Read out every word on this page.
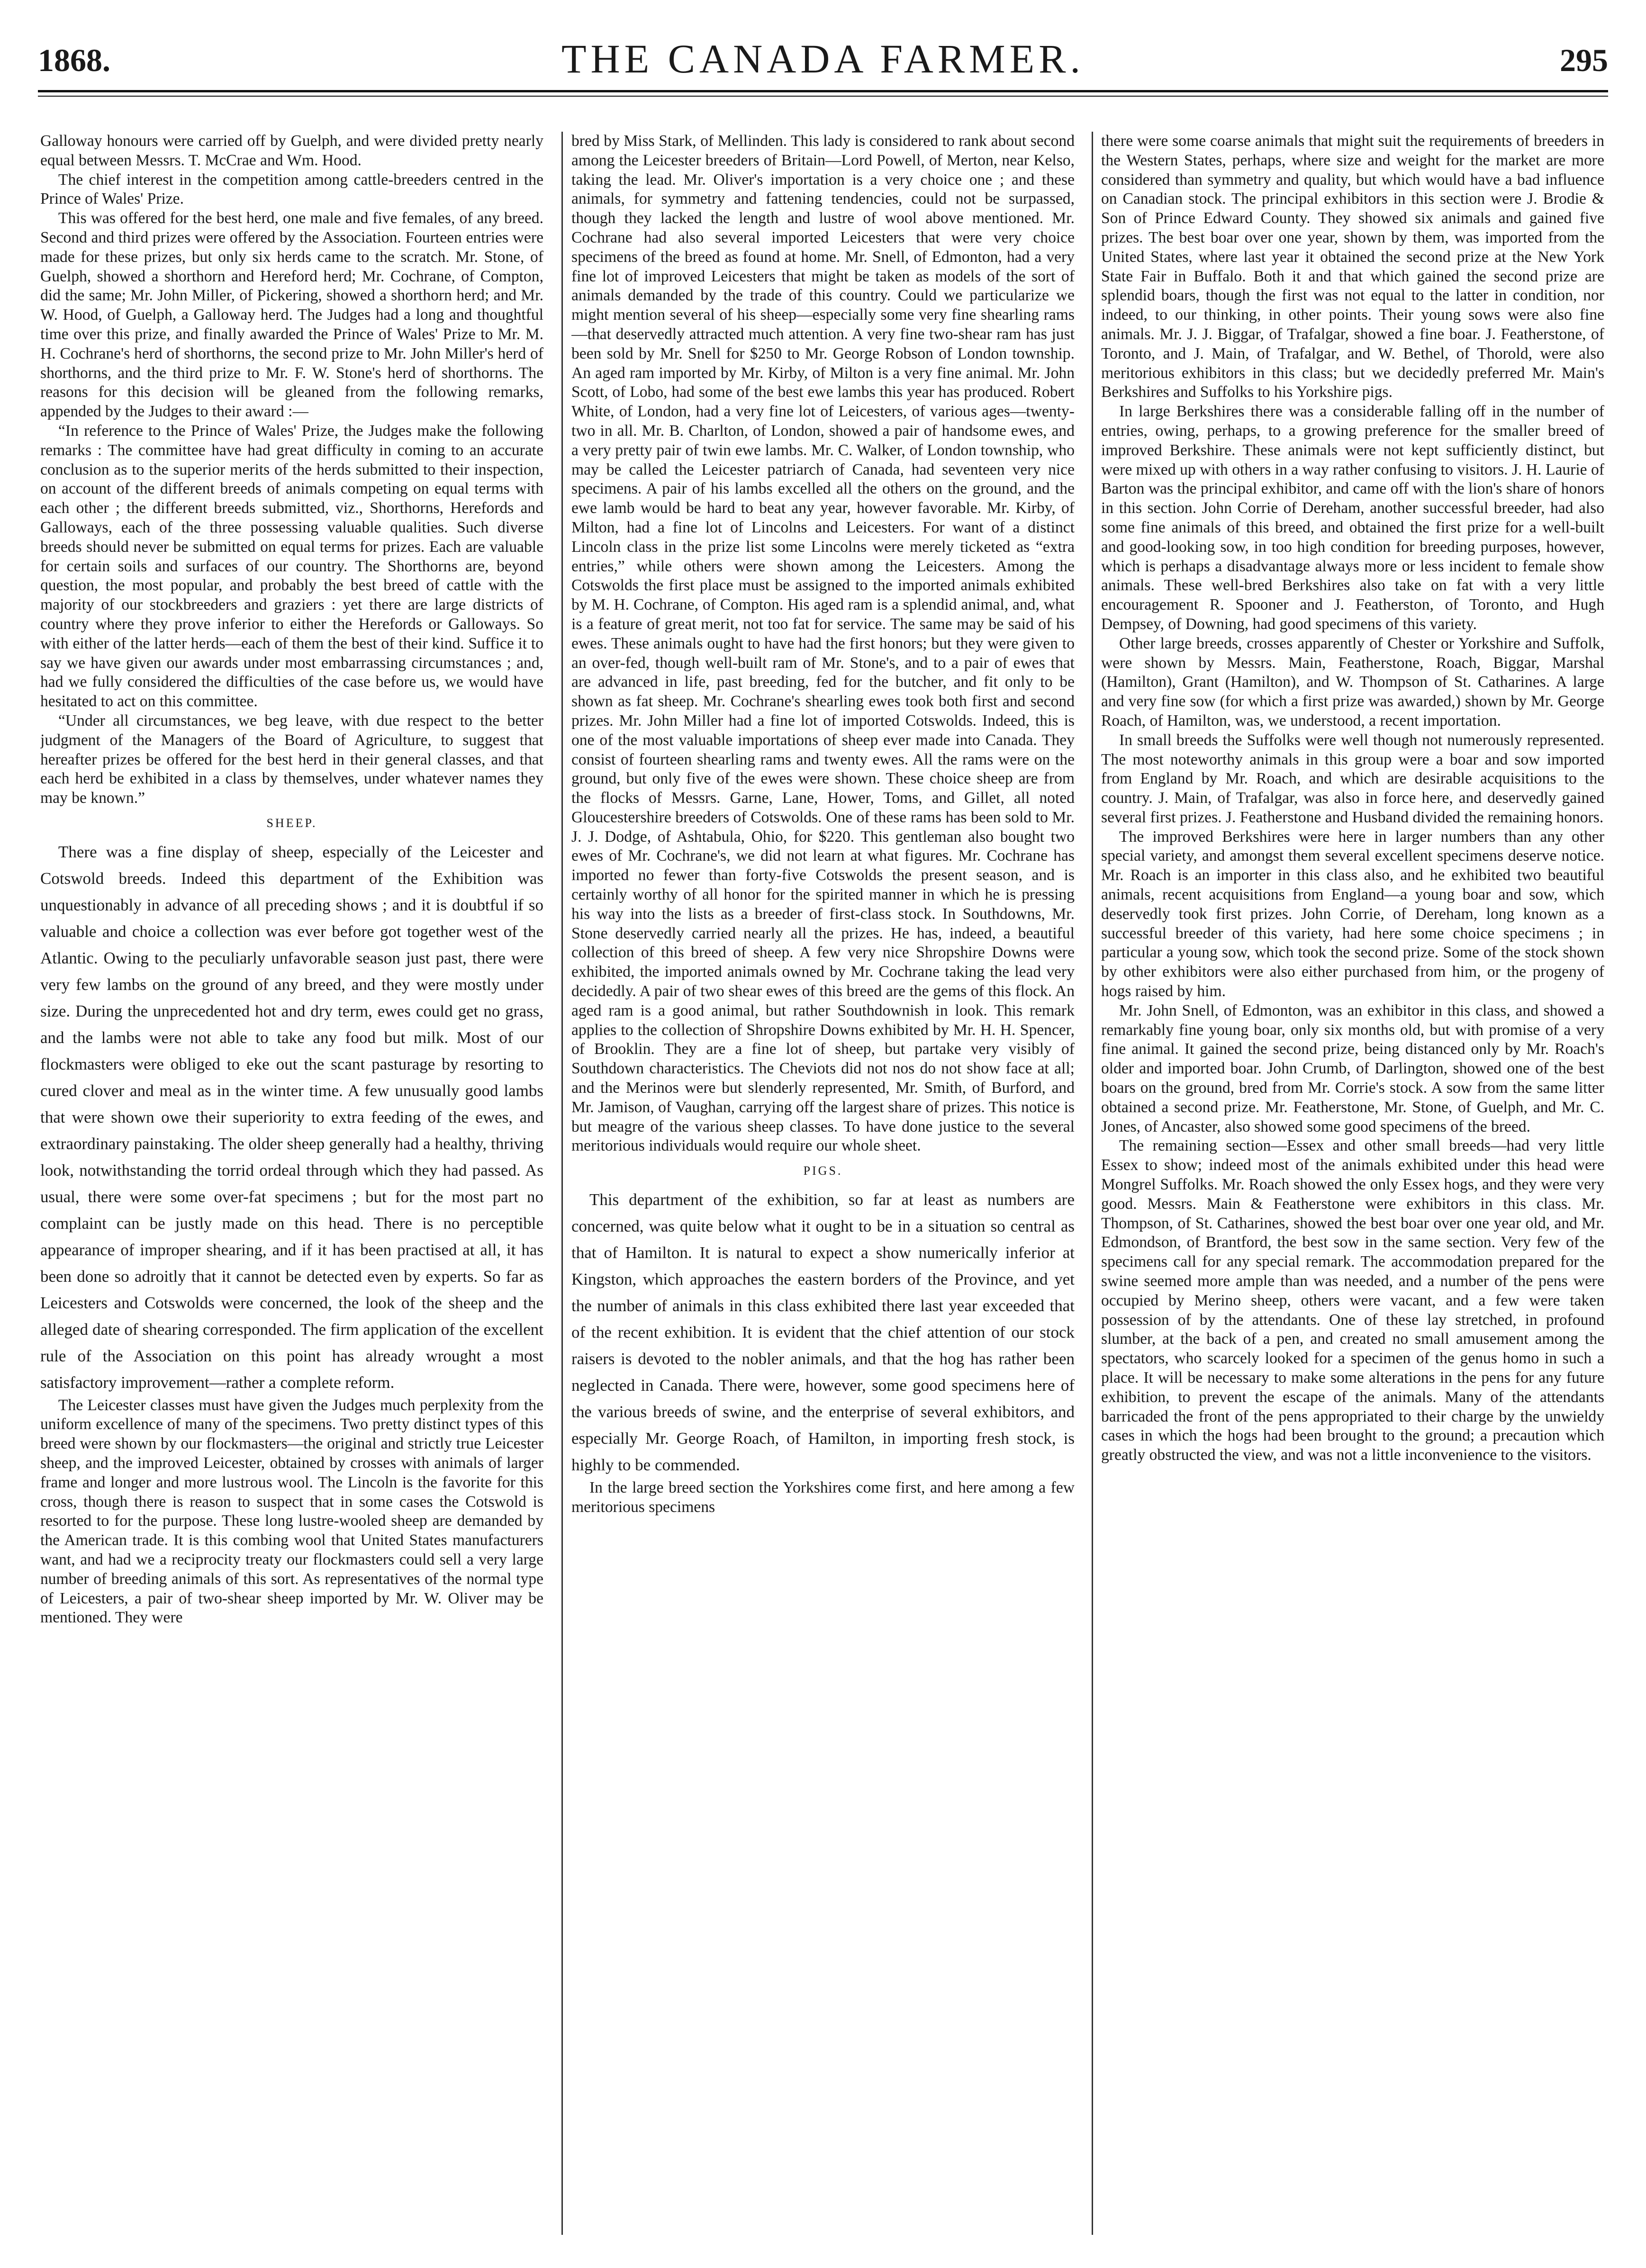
1868.	THE CANADA FARMER.	295

Galloway honours were carried off by Guelph, and were divided pretty nearly equal between Messrs. T. McCrae and Wm. Hood.

The chief interest in the competition among cattle-breeders centred in the Prince of Wales' Prize.

This was offered for the best herd, one male and five females, of any breed. Second and third prizes were offered by the Association. Fourteen entries were made for these prizes, but only six herds came to the scratch. Mr. Stone, of Guelph, showed a shorthorn and Hereford herd; Mr. Cochrane, of Compton, did the same; Mr. John Miller, of Pickering, showed a shorthorn herd; and Mr. W. Hood, of Guelph, a Galloway herd. The Judges had a long and thoughtful time over this prize, and finally awarded the Prince of Wales' Prize to Mr. M. H. Cochrane's herd of shorthorns, the second prize to Mr. John Miller's herd of shorthorns, and the third prize to Mr. F. W. Stone's herd of shorthorns. The reasons for this decision will be gleaned from the following remarks, appended by the Judges to their award :—

“In reference to the Prince of Wales' Prize, the Judges make the following remarks : The committee have had great difficulty in coming to an accurate conclusion as to the superior merits of the herds submitted to their inspection, on account of the different breeds of animals competing on equal terms with each other ; the different breeds submitted, viz., Shorthorns, Herefords and Galloways, each of the three possessing valuable qualities. Such diverse breeds should never be submitted on equal terms for prizes. Each are valuable for certain soils and surfaces of our country. The Shorthorns are, beyond question, the most popular, and probably the best breed of cattle with the majority of our stockbreeders and graziers : yet there are large districts of country where they prove inferior to either the Herefords or Galloways. So with either of the latter herds—each of them the best of their kind. Suffice it to say we have given our awards under most embarrassing circumstances ; and, had we fully considered the difficulties of the case before us, we would have hesitated to act on this committee.

“Under all circumstances, we beg leave, with due respect to the better judgment of the Managers of the Board of Agriculture, to suggest that hereafter prizes be offered for the best herd in their general classes, and that each herd be exhibited in a class by themselves, under whatever names they may be known.”

SHEEP.

There was a fine display of sheep, especially of the Leicester and Cotswold breeds. Indeed this department of the Exhibition was unquestionably in advance of all preceding shows ; and it is doubtful if so valuable and choice a collection was ever before got together west of the Atlantic. Owing to the peculiarly unfavorable season just past, there were very few lambs on the ground of any breed, and they were mostly under size. During the unprecedented hot and dry term, ewes could get no grass, and the lambs were not able to take any food but milk. Most of our flockmasters were obliged to eke out the scant pasturage by resorting to cured clover and meal as in the winter time. A few unusually good lambs that were shown owe their superiority to extra feeding of the ewes, and extraordinary painstaking. The older sheep generally had a healthy, thriving look, notwithstanding the torrid ordeal through which they had passed. As usual, there were some over-fat specimens ; but for the most part no complaint can be justly made on this head. There is no perceptible appearance of improper shearing, and if it has been practised at all, it has been done so adroitly that it cannot be detected even by experts. So far as Leicesters and Cotswolds were concerned, the look of the sheep and the alleged date of shearing corresponded. The firm application of the excellent rule of the Association on this point has already wrought a most satisfactory improvement—rather a complete reform.

The Leicester classes must have given the Judges much perplexity from the uniform excellence of many of the specimens. Two pretty distinct types of this breed were shown by our flockmasters—the original and strictly true Leicester sheep, and the improved Leicester, obtained by crosses with animals of larger frame and longer and more lustrous wool. The Lincoln is the favorite for this cross, though there is reason to suspect that in some cases the Cotswold is resorted to for the purpose. These long lustre-wooled sheep are demanded by the American trade. It is this combing wool that United States manufacturers want, and had we a reciprocity treaty our flockmasters could sell a very large number of breeding animals of this sort. As representatives of the normal type of Leicesters, a pair of two-shear sheep imported by Mr. W. Oliver may be mentioned. They were

bred by Miss Stark, of Mellinden. This lady is considered to rank about second among the Leicester breeders of Britain—Lord Powell, of Merton, near Kelso, taking the lead. Mr. Oliver's importation is a very choice one ; and these animals, for symmetry and fattening tendencies, could not be surpassed, though they lacked the length and lustre of wool above mentioned. Mr. Cochrane had also several imported Leicesters that were very choice specimens of the breed as found at home. Mr. Snell, of Edmonton, had a very fine lot of improved Leicesters that might be taken as models of the sort of animals demanded by the trade of this country. Could we particularize we might mention several of his sheep—especially some very fine shearling rams—that deservedly attracted much attention. A very fine two-shear ram has just been sold by Mr. Snell for $250 to Mr. George Robson of London township. An aged ram imported by Mr. Kirby, of Milton is a very fine animal. Mr. John Scott, of Lobo, had some of the best ewe lambs this year has produced. Robert White, of London, had a very fine lot of Leicesters, of various ages—twenty-two in all. Mr. B. Charlton, of London, showed a pair of handsome ewes, and a very pretty pair of twin ewe lambs. Mr. C. Walker, of London township, who may be called the Leicester patriarch of Canada, had seventeen very nice specimens. A pair of his lambs excelled all the others on the ground, and the ewe lamb would be hard to beat any year, however favorable. Mr. Kirby, of Milton, had a fine lot of Lincolns and Leicesters. For want of a distinct Lincoln class in the prize list some Lincolns were merely ticketed as “extra entries,” while others were shown among the Leicesters. Among the Cotswolds the first place must be assigned to the imported animals exhibited by M. H. Cochrane, of Compton. His aged ram is a splendid animal, and, what is a feature of great merit, not too fat for service. The same may be said of his ewes. These animals ought to have had the first honors; but they were given to an over-fed, though well-built ram of Mr. Stone's, and to a pair of ewes that are advanced in life, past breeding, fed for the butcher, and fit only to be shown as fat sheep. Mr. Cochrane's shearling ewes took both first and second prizes. Mr. John Miller had a fine lot of imported Cotswolds. Indeed, this is one of the most valuable importations of sheep ever made into Canada. They consist of fourteen shearling rams and twenty ewes. All the rams were on the ground, but only five of the ewes were shown. These choice sheep are from the flocks of Messrs. Garne, Lane, Hower, Toms, and Gillet, all noted Gloucestershire breeders of Cotswolds. One of these rams has been sold to Mr. J. J. Dodge, of Ashtabula, Ohio, for $220. This gentleman also bought two ewes of Mr. Cochrane's, we did not learn at what figures. Mr. Cochrane has imported no fewer than forty-five Cotswolds the present season, and is certainly worthy of all honor for the spirited manner in which he is pressing his way into the lists as a breeder of first-class stock. In Southdowns, Mr. Stone deservedly carried nearly all the prizes. He has, indeed, a beautiful collection of this breed of sheep. A few very nice Shropshire Downs were exhibited, the imported animals owned by Mr. Cochrane taking the lead very decidedly. A pair of two shear ewes of this breed are the gems of this flock. An aged ram is a good animal, but rather Southdownish in look. This remark applies to the collection of Shropshire Downs exhibited by Mr. H. H. Spencer, of Brooklin. They are a fine lot of sheep, but partake very visibly of Southdown characteristics. The Cheviots did not nos do not show face at all; and the Merinos were but slenderly represented, Mr. Smith, of Burford, and Mr. Jamison, of Vaughan, carrying off the largest share of prizes. This notice is but meagre of the various sheep classes. To have done justice to the several meritorious individuals would require our whole sheet.

PIGS.

This department of the exhibition, so far at least as numbers are concerned, was quite below what it ought to be in a situation so central as that of Hamilton. It is natural to expect a show numerically inferior at Kingston, which approaches the eastern borders of the Province, and yet the number of animals in this class exhibited there last year exceeded that of the recent exhibition. It is evident that the chief attention of our stock raisers is devoted to the nobler animals, and that the hog has rather been neglected in Canada. There were, however, some good specimens here of the various breeds of swine, and the enterprise of several exhibitors, and especially Mr. George Roach, of Hamilton, in importing fresh stock, is highly to be commended.

In the large breed section the Yorkshires come first, and here among a few meritorious specimens

there were some coarse animals that might suit the requirements of breeders in the Western States, perhaps, where size and weight for the market are more considered than symmetry and quality, but which would have a bad influence on Canadian stock. The principal exhibitors in this section were J. Brodie & Son of Prince Edward County. They showed six animals and gained five prizes. The best boar over one year, shown by them, was imported from the United States, where last year it obtained the second prize at the New York State Fair in Buffalo. Both it and that which gained the second prize are splendid boars, though the first was not equal to the latter in condition, nor indeed, to our thinking, in other points. Their young sows were also fine animals. Mr. J. J. Biggar, of Trafalgar, showed a fine boar. J. Featherstone, of Toronto, and J. Main, of Trafalgar, and W. Bethel, of Thorold, were also meritorious exhibitors in this class; but we decidedly preferred Mr. Main's Berkshires and Suffolks to his Yorkshire pigs.

In large Berkshires there was a considerable falling off in the number of entries, owing, perhaps, to a growing preference for the smaller breed of improved Berkshire. These animals were not kept sufficiently distinct, but were mixed up with others in a way rather confusing to visitors. J. H. Laurie of Barton was the principal exhibitor, and came off with the lion's share of honors in this section. John Corrie of Dereham, another successful breeder, had also some fine animals of this breed, and obtained the first prize for a well-built and good-looking sow, in too high condition for breeding purposes, however, which is perhaps a disadvantage always more or less incident to female show animals. These well-bred Berkshires also take on fat with a very little encouragement R. Spooner and J. Featherston, of Toronto, and Hugh Dempsey, of Downing, had good specimens of this variety.

Other large breeds, crosses apparently of Chester or Yorkshire and Suffolk, were shown by Messrs. Main, Featherstone, Roach, Biggar, Marshal (Hamilton), Grant (Hamilton), and W. Thompson of St. Catharines. A large and very fine sow (for which a first prize was awarded,) shown by Mr. George Roach, of Hamilton, was, we understood, a recent importation.

In small breeds the Suffolks were well though not numerously represented. The most noteworthy animals in this group were a boar and sow imported from England by Mr. Roach, and which are desirable acquisitions to the country. J. Main, of Trafalgar, was also in force here, and deservedly gained several first prizes. J. Featherstone and Husband divided the remaining honors.

The improved Berkshires were here in larger numbers than any other special variety, and amongst them several excellent specimens deserve notice. Mr. Roach is an importer in this class also, and he exhibited two beautiful animals, recent acquisitions from England—a young boar and sow, which deservedly took first prizes. John Corrie, of Dereham, long known as a successful breeder of this variety, had here some choice specimens ; in particular a young sow, which took the second prize. Some of the stock shown by other exhibitors were also either purchased from him, or the progeny of hogs raised by him.

Mr. John Snell, of Edmonton, was an exhibitor in this class, and showed a remarkably fine young boar, only six months old, but with promise of a very fine animal. It gained the second prize, being distanced only by Mr. Roach's older and imported boar. John Crumb, of Darlington, showed one of the best boars on the ground, bred from Mr. Corrie's stock. A sow from the same litter obtained a second prize. Mr. Featherstone, Mr. Stone, of Guelph, and Mr. C. Jones, of Ancaster, also showed some good specimens of the breed.

The remaining section—Essex and other small breeds—had very little Essex to show; indeed most of the animals exhibited under this head were Mongrel Suffolks. Mr. Roach showed the only Essex hogs, and they were very good. Messrs. Main & Featherstone were exhibitors in this class. Mr. Thompson, of St. Catharines, showed the best boar over one year old, and Mr. Edmondson, of Brantford, the best sow in the same section. Very few of the specimens call for any special remark. The accommodation prepared for the swine seemed more ample than was needed, and a number of the pens were occupied by Merino sheep, others were vacant, and a few were taken possession of by the attendants. One of these lay stretched, in profound slumber, at the back of a pen, and created no small amusement among the spectators, who scarcely looked for a specimen of the genus homo in such a place. It will be necessary to make some alterations in the pens for any future exhibition, to prevent the escape of the animals. Many of the attendants barricaded the front of the pens appropriated to their charge by the unwieldy cases in which the hogs had been brought to the ground; a precaution which greatly obstructed the view, and was not a little inconvenience to the visitors.
